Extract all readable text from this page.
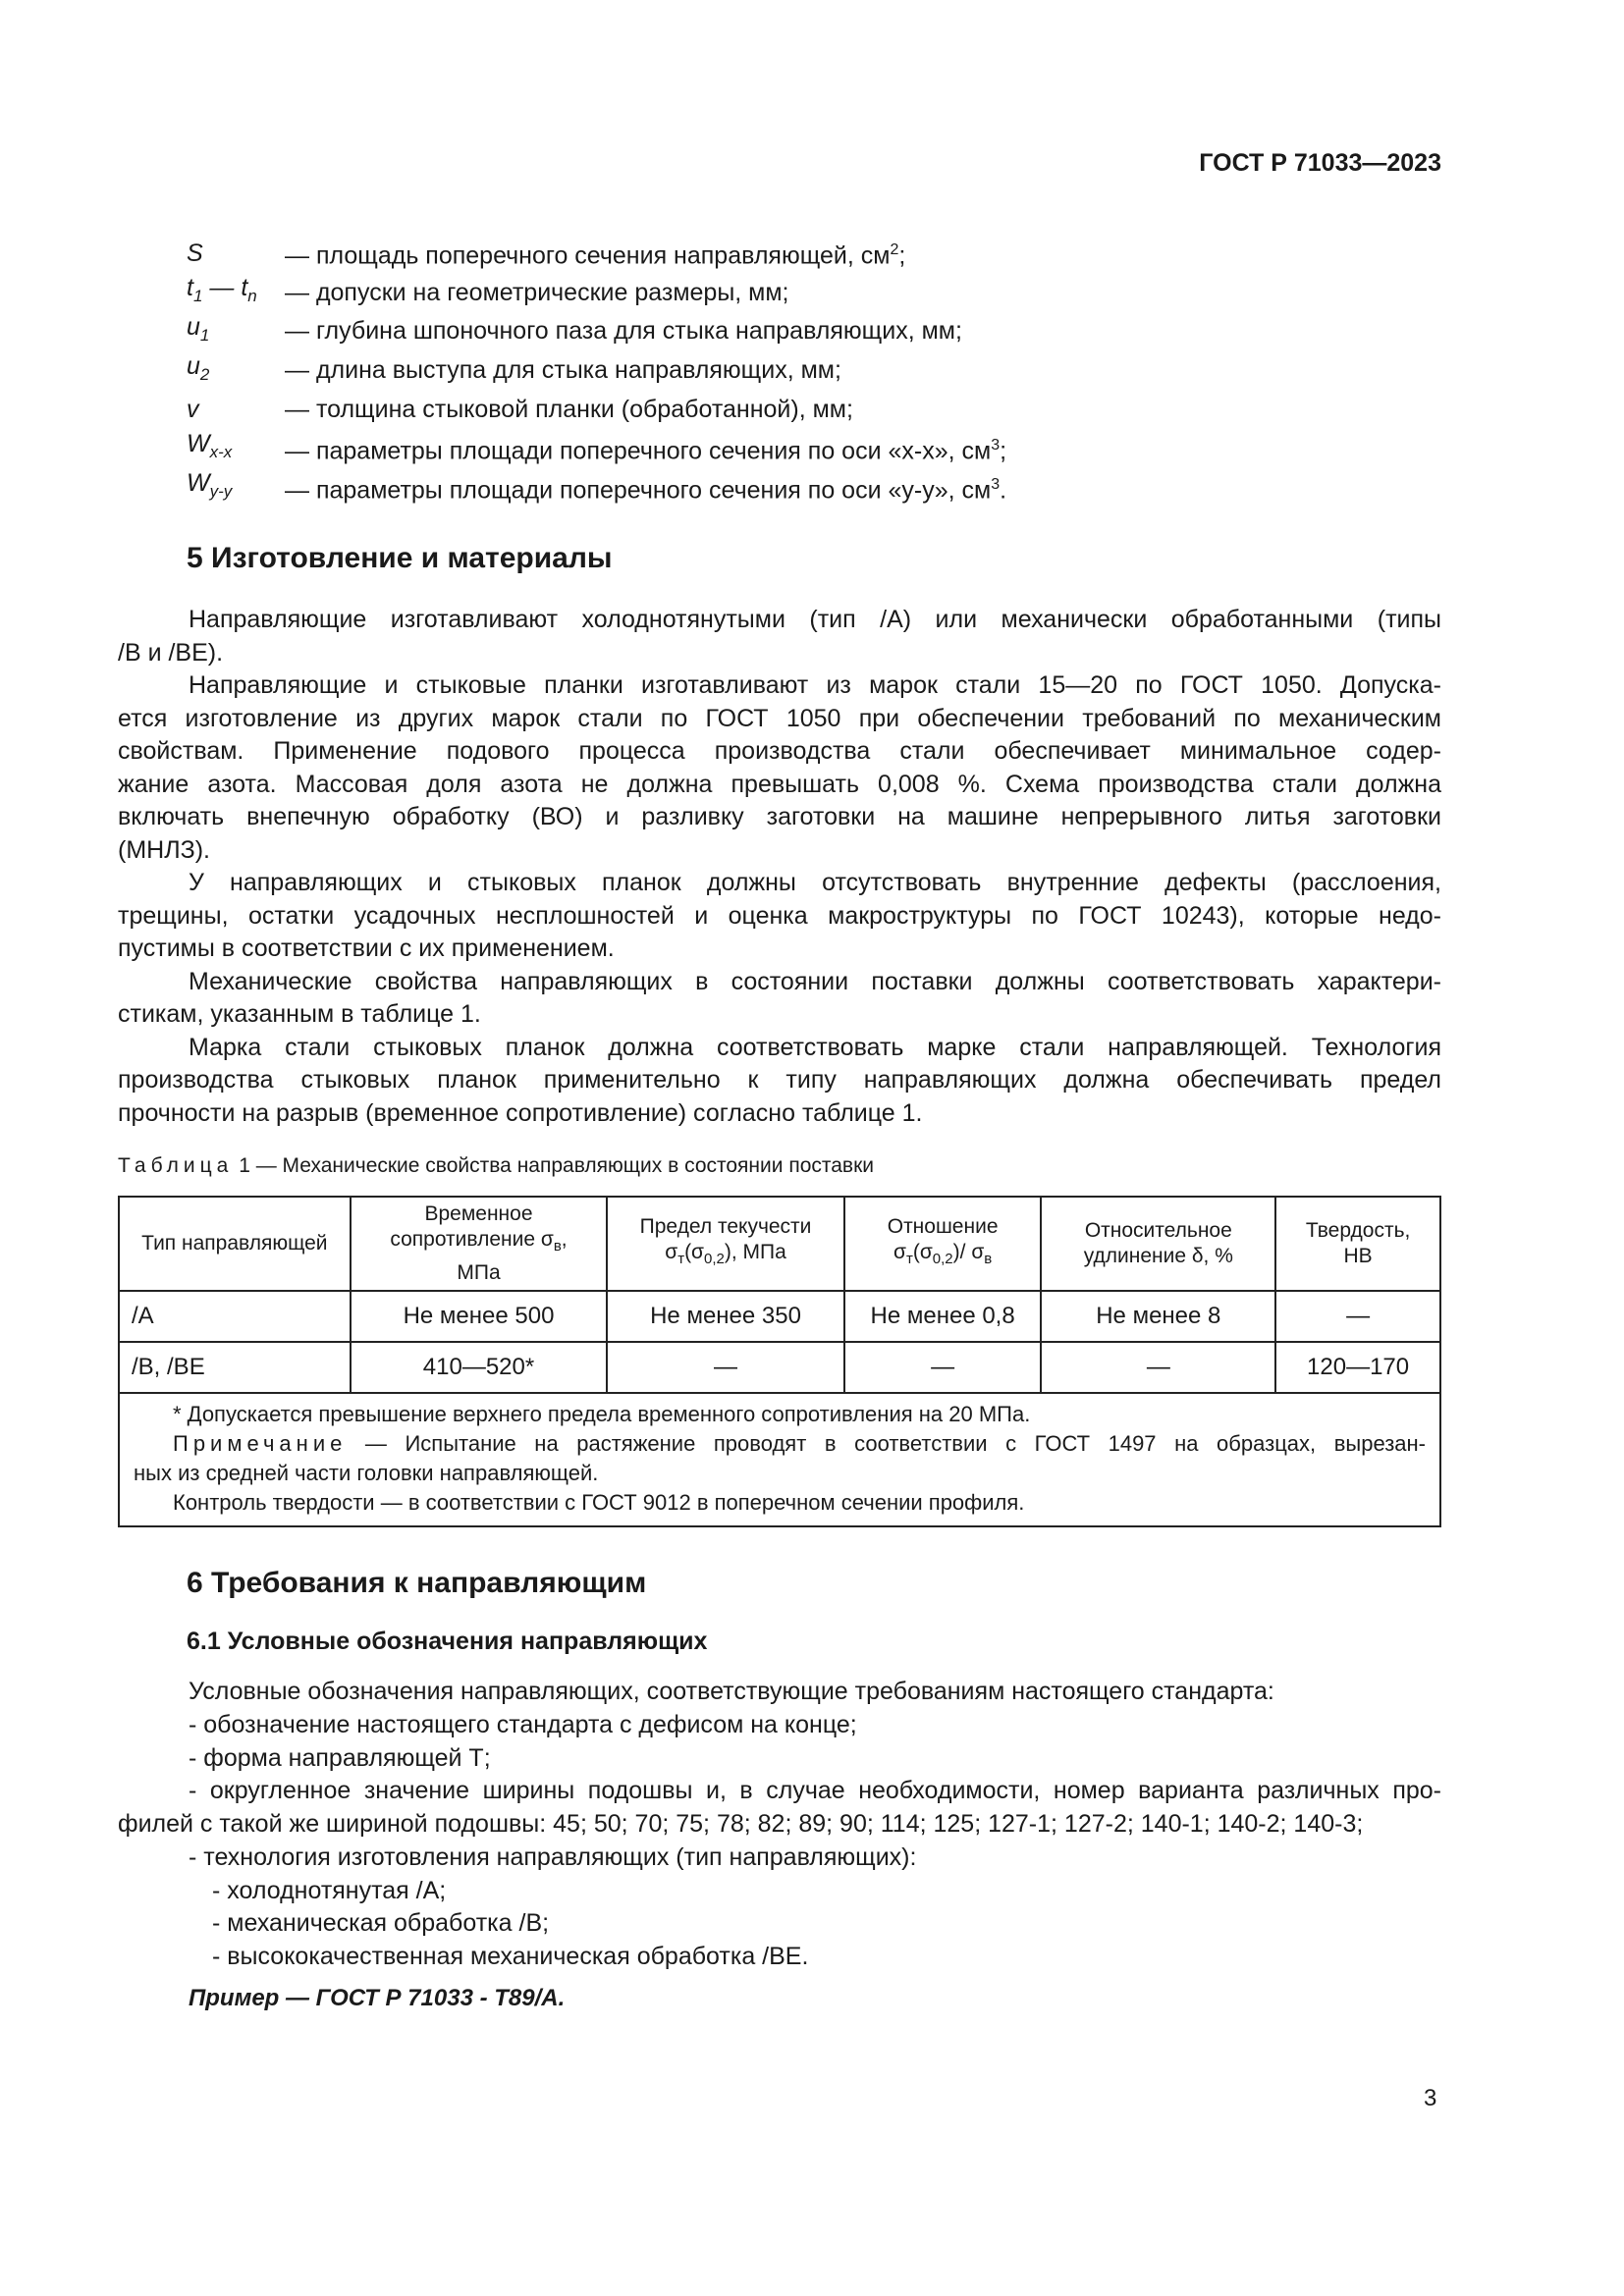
ГОСТ Р 71033—2023
S	— площадь поперечного сечения направляющей, $см^2$;
$t_1$ — $t_n$	— допуски на геометрические размеры, мм;
$u_1$	— глубина шпоночного паза для стыка направляющих, мм;
$u_2$	— длина выступа для стыка направляющих, мм;
v	— толщина стыковой планки (обработанной), мм;
$W_{x-x}$	— параметры площади поперечного сечения по оси «x-x», $см^3$;
$W_{y-y}$	— параметры площади поперечного сечения по оси «y-y», $см^3$.
5 Изготовление и материалы
Направляющие изготавливают холоднотянутыми (тип /А) или механически обработанными (типы
/В и /ВЕ).
Направляющие и стыковые планки изготавливают из марок стали 15—20 по ГОСТ 1050. Допуска-
ется изготовление из других марок стали по ГОСТ 1050 при обеспечении требований по механическим
свойствам. Применение подового процесса производства стали обеспечивает минимальное содер-
жание азота. Массовая доля азота не должна превышать 0,008 %. Схема производства стали должна
включать внепечную обработку (ВО) и разливку заготовки на машине непрерывного литья заготовки
(МНЛЗ).
У направляющих и стыковых планок должны отсутствовать внутренние дефекты (расслоения,
трещины, остатки усадочных несплошностей и оценка макроструктуры по ГОСТ 10243), которые недо-
пустимы в соответствии с их применением.
Механические свойства направляющих в состоянии поставки должны соответствовать характери-
стикам, указанным в таблице 1.
Марка стали стыковых планок должна соответствовать марке стали направляющей. Технология
производства стыковых планок применительно к типу направляющих должна обеспечивать предел
прочности на разрыв (временное сопротивление) согласно таблице 1.
Таблица 1 — Механические свойства направляющих в состоянии поставки
Тип направляющей	Временное
сопротивление $\sigma_в$,
МПа	Предел текучести
$\sigma_т(\sigma_{0,2})$, МПа	Отношение
$\sigma_т(\sigma_{0,2})/$ $\sigma_в$	Относительное
удлинение δ, %	Твердость,
HB
/А	Не менее 500	Не менее 350	Не менее 0,8	Не менее 8	—
/В, /ВЕ	410—520*	—	—	—	120—170

* Допускается превышение верхнего предела временного сопротивления на 20 МПа.
Примечание — Испытание на растяжение проводят в соответствии с ГОСТ 1497 на образцах, вырезан-
ных из средней части головки направляющей.
Контроль твердости — в соответствии с ГОСТ 9012 в поперечном сечении профиля.					
6 Требования к направляющим
6.1 Условные обозначения направляющих
Условные обозначения направляющих, соответствующие требованиям настоящего стандарта:
- обозначение настоящего стандарта с дефисом на конце;
- форма направляющей Т;
- округленное значение ширины подошвы и, в случае необходимости, номер варианта различных про-
филей с такой же шириной подошвы: 45; 50; 70; 75; 78; 82; 89; 90; 114; 125; 127-1; 127-2; 140-1; 140-2; 140-3;
- технология изготовления направляющих (тип направляющих):
- холоднотянутая /А;
- механическая обработка /В;
- высококачественная механическая обработка /ВЕ.
Пример — ГОСТ Р 71033 - Т89/А.
3
